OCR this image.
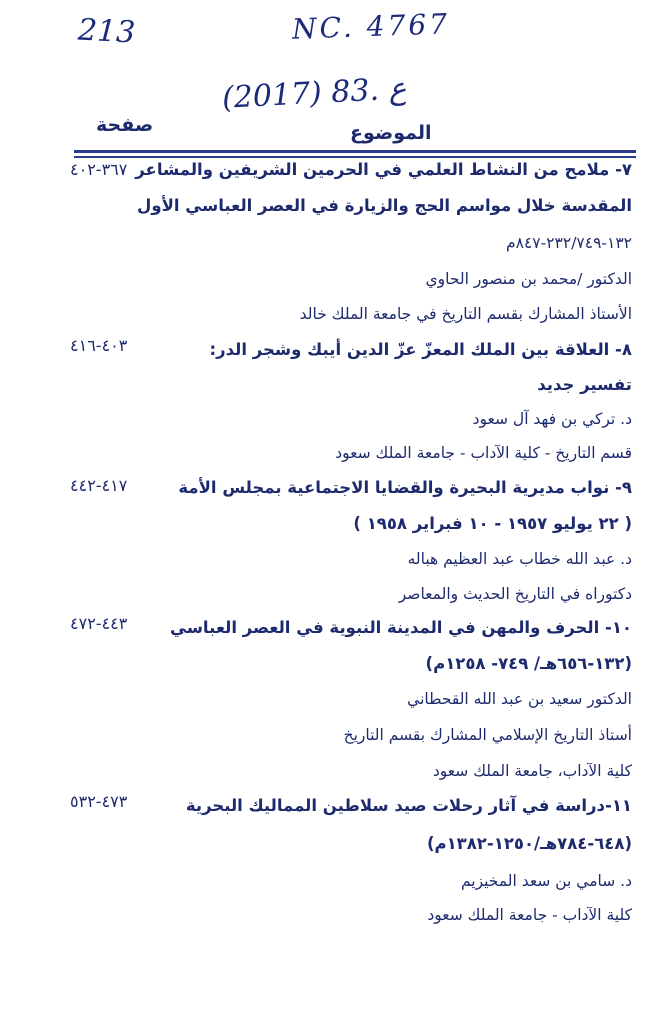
213	NC. 4767
(2017) 83. ع
صفحة	الموضوع
٣٦٧-٤٠٢ ٧- ملامح من النشاط العلمي في الحرمين الشريفين والمشاعر
المقدسة خلال مواسم الحج والزيارة في العصر العباسي الأول
١٣٢-٢٣٢/٧٤٩-٨٤٧م
الدكتور /محمد بن منصور الحاوي
الأستاذ المشارك بقسم التاريخ في جامعة الملك خالد
٤٠٣-٤١٦	٨- العلاقة بين الملك المعزّ عزّ الدين أيبك وشجر الدر:
تفسير جديد
د. تركي بن فهد آل سعود
قسم التاريخ - كلية الآداب - جامعة الملك سعود
٤١٧-٤٤٢	٩- نواب مديرية البحيرة والقضايا الاجتماعية بمجلس الأمة
( ٢٢ يوليو ١٩٥٧ - ١٠ فبراير ١٩٥٨ )
د. عبد الله خطاب عبد العظيم هباله
دكتوراه في التاريخ الحديث والمعاصر
٤٤٣-٤٧٢	١٠- الحرف والمهن في المدينة النبوية في العصر العباسي
(١٣٢-٦٥٦هـ/ ٧٤٩- ١٢٥٨م)
الدكتور سعيد بن عبد الله القحطاني
أستاذ التاريخ الإسلامي المشارك بقسم التاريخ
كلية الآداب، جامعة الملك سعود
٤٧٣-٥٣٢	١١-دراسة في آثار رحلات صيد سلاطين المماليك البحرية
(٦٤٨-٧٨٤هـ/١٢٥٠-١٣٨٢م)
د. سامي بن سعد المخيزيم
كلية الآداب - جامعة الملك سعود
